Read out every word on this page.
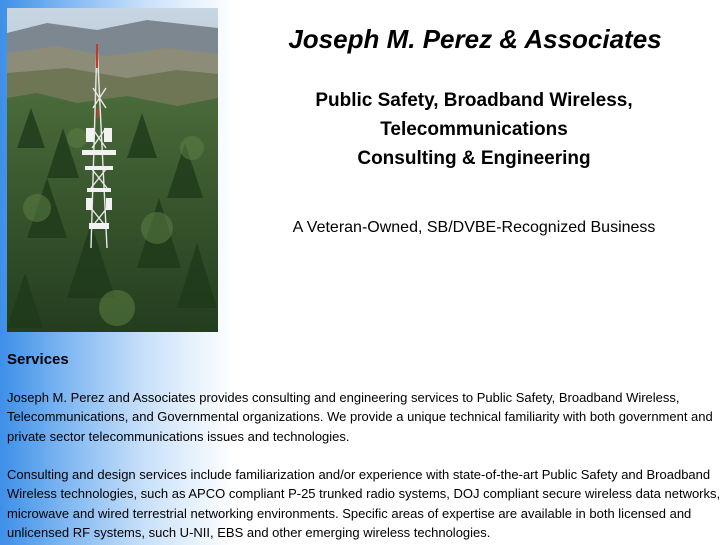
Joseph M. Perez & Associates
Public Safety, Broadband Wireless,
Telecommunications
Consulting & Engineering

A Veteran-Owned, SB/DVBE-Recognized Business

Services

Joseph M. Perez and Associates provides consulting and engineering services to Public Safety, Broadband Wireless, Telecommunications, and Governmental organizations. We provide a unique technical familiarity with both government and private sector telecommunications issues and technologies.

Consulting and design services include familiarization and/or experience with state-of-the-art Public Safety and Broadband Wireless technologies, such as APCO compliant P-25 trunked radio systems, DOJ compliant secure wireless data networks, microwave and wired terrestrial networking environments. Specific areas of expertise are available in both licensed and unlicensed RF systems, such U-NII, EBS and other emerging wireless technologies.
